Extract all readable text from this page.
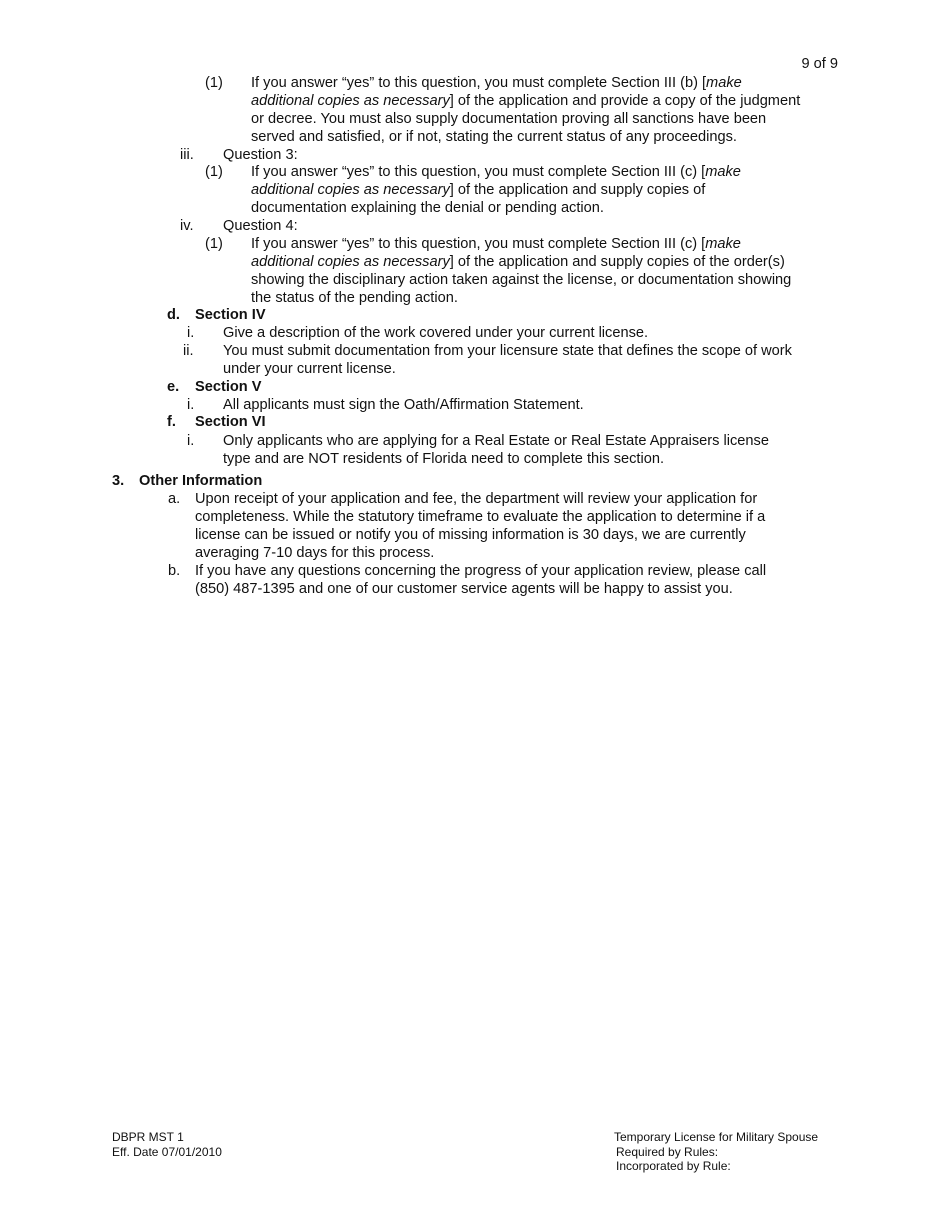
9 of 9
(1) If you answer “yes” to this question, you must complete Section III (b) [make
additional copies as necessary] of the application and provide a copy of the judgment
or decree. You must also supply documentation proving all sanctions have been
served and satisfied, or if not, stating the current status of any proceedings.
iii. Question 3:
(1) If you answer “yes” to this question, you must complete Section III (c) [make
additional copies as necessary] of the application and supply copies of
documentation explaining the denial or pending action.
iv. Question 4:
(1) If you answer “yes” to this question, you must complete Section III (c) [make
additional copies as necessary] of the application and supply copies of the order(s)
showing the disciplinary action taken against the license, or documentation showing
the status of the pending action.
d. Section IV
i. Give a description of the work covered under your current license.
ii. You must submit documentation from your licensure state that defines the scope of work
under your current license.
e. Section V
i. All applicants must sign the Oath/Affirmation Statement.
f. Section VI
i. Only applicants who are applying for a Real Estate or Real Estate Appraisers license
type and are NOT residents of Florida need to complete this section.
3. Other Information
a. Upon receipt of your application and fee, the department will review your application for
completeness. While the statutory timeframe to evaluate the application to determine if a
license can be issued or notify you of missing information is 30 days, we are currently
averaging 7-10 days for this process.
b. If you have any questions concerning the progress of your application review, please call
(850) 487-1395 and one of our customer service agents will be happy to assist you.
DBPR MST 1
Eff. Date 07/01/2010
Temporary License for Military Spouse
Required by Rules:
Incorporated by Rule:
